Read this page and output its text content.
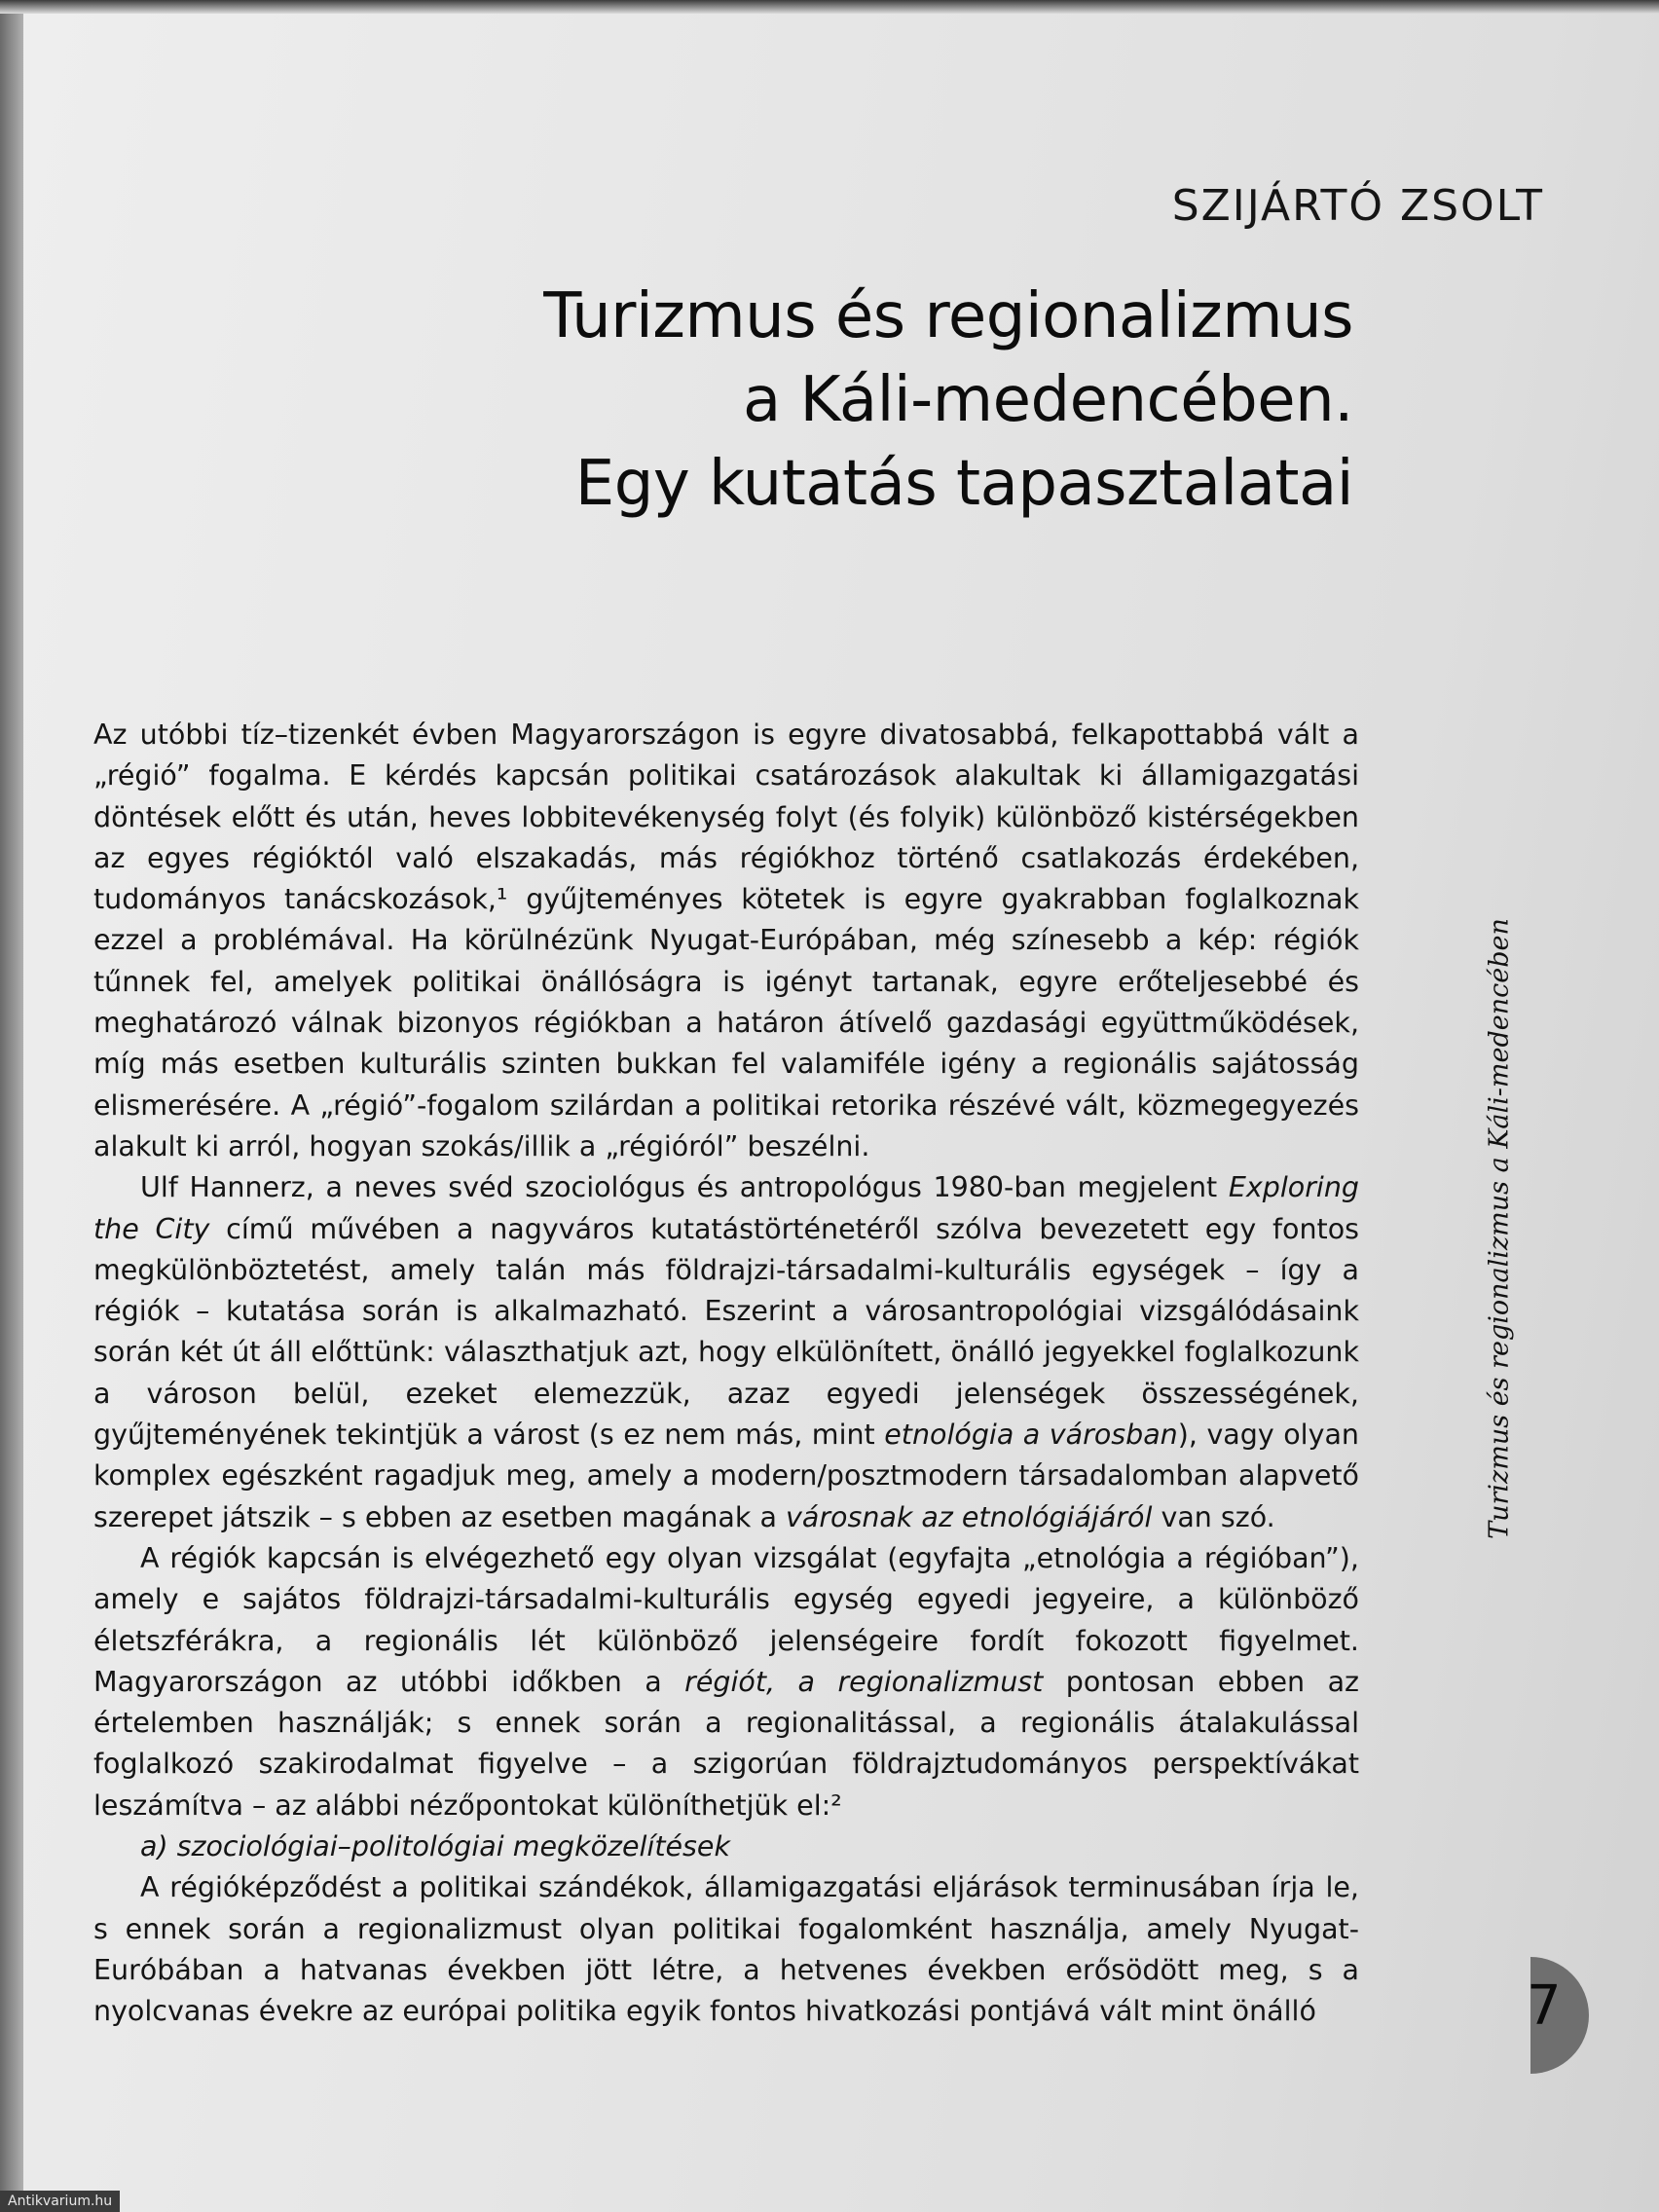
SZIJÁRTÓ ZSOLT
Turizmus és regionalizmus
a Káli-medencében.
Egy kutatás tapasztalatai

Az utóbbi tíz–tizenkét évben Magyarországon is egyre divatosabbá, felkapottabbá vált a „régió” fogalma. E kérdés kapcsán politikai csatározások alakultak ki államigazgatási döntések előtt és után, heves lobbitevékenység folyt (és folyik) különböző kistérségekben az egyes régióktól való elszakadás, más régiókhoz történő csatlakozás érdekében, tudományos tanácskozások,¹ gyűjteményes kötetek is egyre gyakrabban foglalkoznak ezzel a problémával. Ha körülnézünk Nyugat-Európában, még színesebb a kép: régiók tűnnek fel, amelyek politikai önállóságra is igényt tartanak, egyre erőteljesebbé és meghatározó válnak bizonyos régiókban a határon átívelő gazdasági együttműködések, míg más esetben kulturális szinten bukkan fel valamiféle igény a regionális sajátosság elismerésére. A „régió”-fogalom szilárdan a politikai retorika részévé vált, közmegegyezés alakult ki arról, hogyan szokás/illik a „régióról” beszélni.

Ulf Hannerz, a neves svéd szociológus és antropológus 1980-ban megjelent Exploring the City című művében a nagyváros kutatástörténetéről szólva bevezetett egy fontos megkülönböztetést, amely talán más földrajzi-társadalmi-kulturális egységek – így a régiók – kutatása során is alkalmazható. Eszerint a városantropológiai vizsgálódásaink során két út áll előttünk: választhatjuk azt, hogy elkülönített, önálló jegyekkel foglalkozunk a városon belül, ezeket elemezzük, azaz egyedi jelenségek összességének, gyűjteményének tekintjük a várost (s ez nem más, mint etnológia a városban), vagy olyan komplex egészként ragadjuk meg, amely a modern/posztmodern társadalomban alapvető szerepet játszik – s ebben az esetben magának a városnak az etnológiájáról van szó.

A régiók kapcsán is elvégezhető egy olyan vizsgálat (egyfajta „etnológia a régióban”), amely e sajátos földrajzi-társadalmi-kulturális egység egyedi jegyeire, a különböző életszférákra, a regionális lét különböző jelenségeire fordít fokozott figyelmet. Magyarországon az utóbbi időkben a régiót, a regionalizmust pontosan ebben az értelemben használják; s ennek során a regionalitással, a regionális átalakulással foglalkozó szakirodalmat figyelve – a szigorúan földrajztudományos perspektívákat leszámítva – az alábbi nézőpontokat különíthetjük el:²

a) szociológiai–politológiai megközelítések

A régióképződést a politikai szándékok, államigazgatási eljárások terminusában írja le, s ennek során a regionalizmust olyan politikai fogalomként használja, amely Nyugat-Eurόbában a hatvanas években jött létre, a hetvenes években erősödött meg, s a nyolcvanas évekre az európai politika egyik fontos hivatkozási pontjává vált mint önálló

Turizmus és regionalizmus a Káli-medencében
7
Antikvarium.hu
